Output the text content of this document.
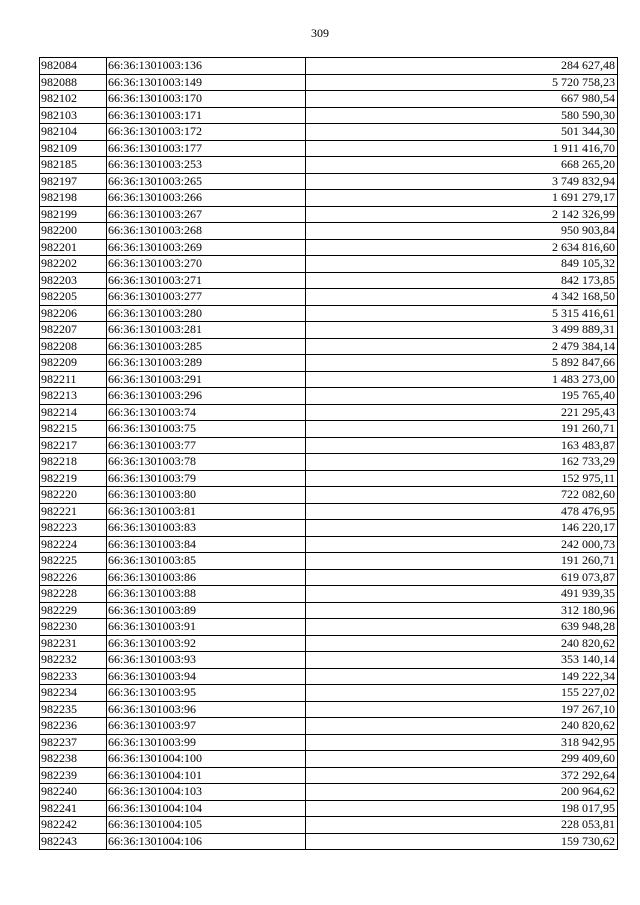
309
982084	66:36:1301003:136	284 627,48
982088	66:36:1301003:149	5 720 758,23
982102	66:36:1301003:170	667 980,54
982103	66:36:1301003:171	580 590,30
982104	66:36:1301003:172	501 344,30
982109	66:36:1301003:177	1 911 416,70
982185	66:36:1301003:253	668 265,20
982197	66:36:1301003:265	3 749 832,94
982198	66:36:1301003:266	1 691 279,17
982199	66:36:1301003:267	2 142 326,99
982200	66:36:1301003:268	950 903,84
982201	66:36:1301003:269	2 634 816,60
982202	66:36:1301003:270	849 105,32
982203	66:36:1301003:271	842 173,85
982205	66:36:1301003:277	4 342 168,50
982206	66:36:1301003:280	5 315 416,61
982207	66:36:1301003:281	3 499 889,31
982208	66:36:1301003:285	2 479 384,14
982209	66:36:1301003:289	5 892 847,66
982211	66:36:1301003:291	1 483 273,00
982213	66:36:1301003:296	195 765,40
982214	66:36:1301003:74	221 295,43
982215	66:36:1301003:75	191 260,71
982217	66:36:1301003:77	163 483,87
982218	66:36:1301003:78	162 733,29
982219	66:36:1301003:79	152 975,11
982220	66:36:1301003:80	722 082,60
982221	66:36:1301003:81	478 476,95
982223	66:36:1301003:83	146 220,17
982224	66:36:1301003:84	242 000,73
982225	66:36:1301003:85	191 260,71
982226	66:36:1301003:86	619 073,87
982228	66:36:1301003:88	491 939,35
982229	66:36:1301003:89	312 180,96
982230	66:36:1301003:91	639 948,28
982231	66:36:1301003:92	240 820,62
982232	66:36:1301003:93	353 140,14
982233	66:36:1301003:94	149 222,34
982234	66:36:1301003:95	155 227,02
982235	66:36:1301003:96	197 267,10
982236	66:36:1301003:97	240 820,62
982237	66:36:1301003:99	318 942,95
982238	66:36:1301004:100	299 409,60
982239	66:36:1301004:101	372 292,64
982240	66:36:1301004:103	200 964,62
982241	66:36:1301004:104	198 017,95
982242	66:36:1301004:105	228 053,81
982243	66:36:1301004:106	159 730,62
